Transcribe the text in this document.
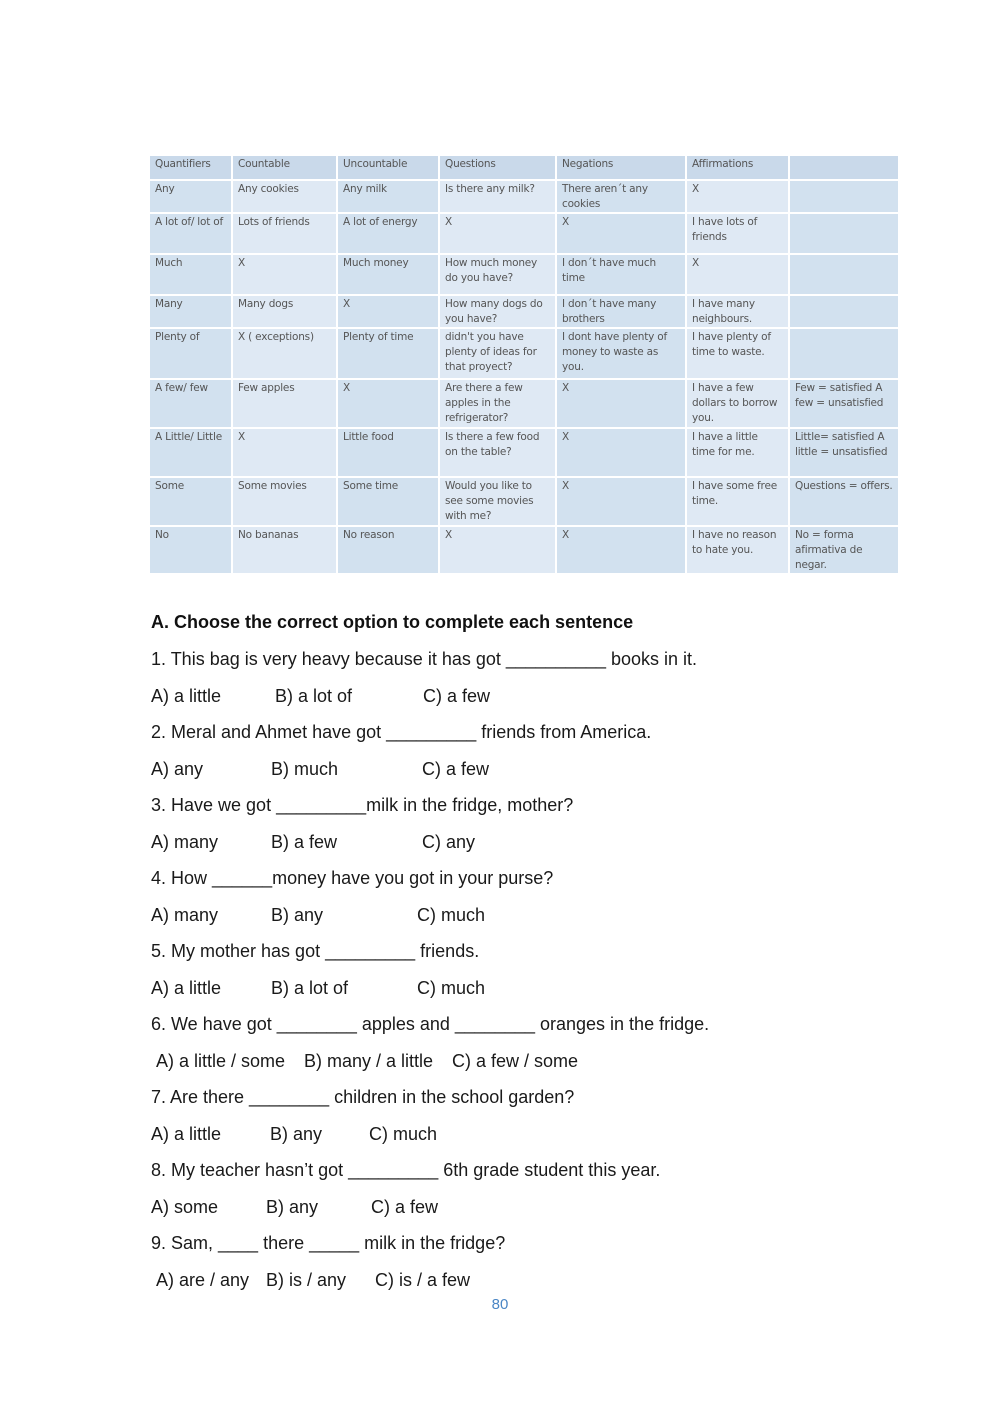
Quantifiers	Countable	Uncountable	Questions	Negations	Affirmations	
Any	Any cookies	Any milk	Is there any milk?	There aren´t any cookies	X	
A lot of/ lot of	Lots of friends	A lot of energy	X	X	I have lots of friends	
Much	X	Much money	How much money do you have?	I don´t have much time	X	
Many	Many dogs	X	How many dogs do you have?	I don´t have many brothers	I have many neighbours.	
Plenty of	X ( exceptions)	Plenty of time	didn't you have plenty of ideas for that proyect?	I dont have plenty of money to waste as you.	I have plenty of time to waste.	
A few/ few	Few apples	X	Are there a few apples in the refrigerator?	X	I have a few dollars to borrow you.	Few = satisfied A few = unsatisfied
A Little/ Little	X	Little food	Is there a few food on the table?	X	I have a little time for me.	Little= satisfied A little = unsatisfied
Some	Some movies	Some time	Would you like to see some movies with me?	X	I have some free time.	Questions = offers.
No	No bananas	No reason	X	X	I have no reason to hate you.	No = forma afirmativa de negar.
A. Choose the correct option to complete each sentence
1. This bag is very heavy because it has got __________ books in it.
A) a little	B) a lot of	C) a few
2. Meral and Ahmet have got _________ friends from America.
A) any	B) much	C) a few
3. Have we got _________milk in the fridge, mother?
A) many	B) a few	C) any
4. How ______money have you got in your purse?
A) many	B) any	C) much
5. My mother has got _________ friends.
A) a little	B) a lot of	C) much
6. We have got ________ apples and ________ oranges in the fridge.
A) a little / some B) many / a little C) a few / some
7. Are there ________ children in the school garden?
A) a little	B) any	C) much
8. My teacher hasn’t got _________ 6th grade student this year.
A) some	B) any	C) a few
9. Sam, ____ there _____ milk in the fridge?
A) are / any B) is / any C) is / a few
80
